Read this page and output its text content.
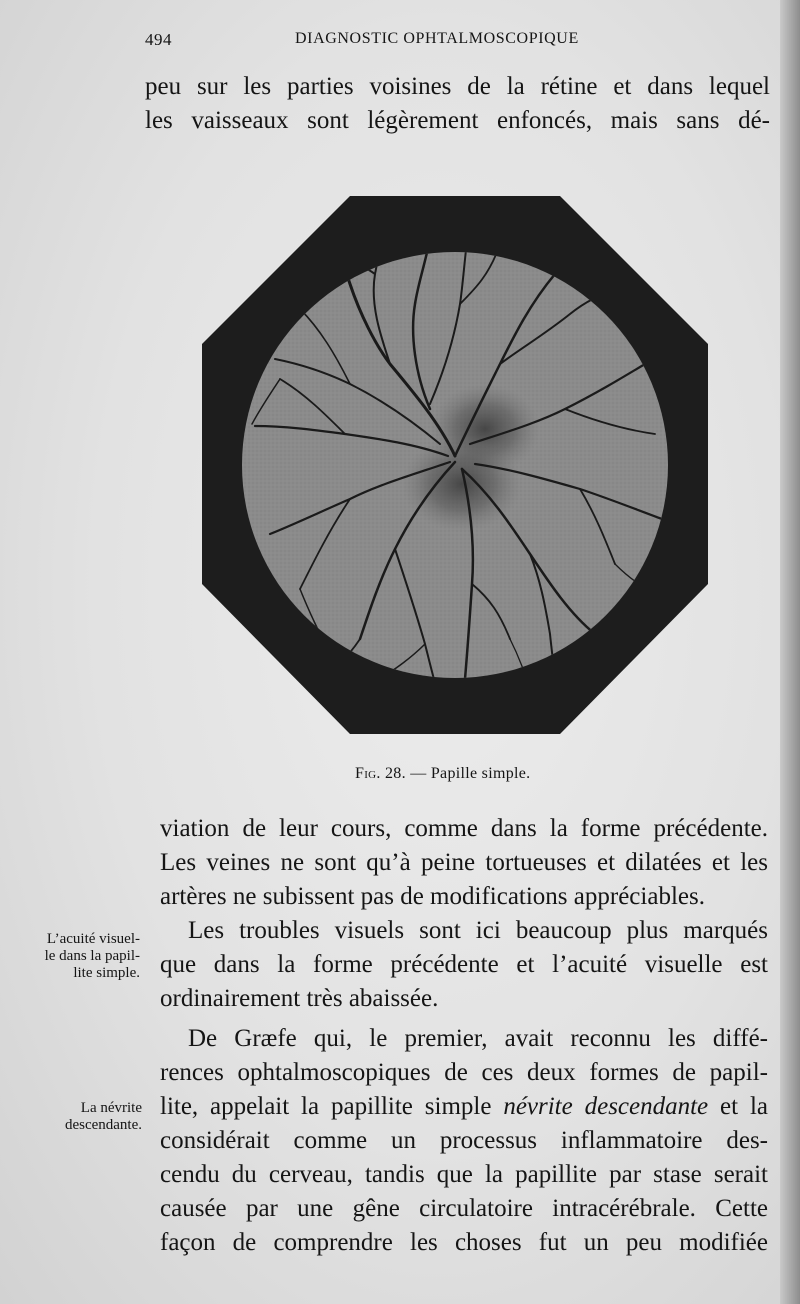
494	DIAGNOSTIC OPHTALMOSCOPIQUE
peu sur les parties voisines de la rétine et dans lequel
les vaisseaux sont légèrement enfoncés, mais sans dé-
Fig. 28. — Papille simple.
viation de leur cours, comme dans la forme précédente.
Les veines ne sont qu’à peine tortueuses et dilatées et les
artères ne subissent pas de modifications appréciables.
Les troubles visuels sont ici beaucoup plus marqués
que dans la forme précédente et l’acuité visuelle est
ordinairement très abaissée.
De Græfe qui, le premier, avait reconnu les diffé-
rences ophtalmoscopiques de ces deux formes de papil-
lite, appelait la papillite simple névrite descendante et la
considérait comme un processus inflammatoire des-
cendu du cerveau, tandis que la papillite par stase serait
causée par une gêne circulatoire intracérébrale. Cette
façon de comprendre les choses fut un peu modifiée
L’acuité visuel-
le dans la papil-
lite simple.
La névrite
descendante.
